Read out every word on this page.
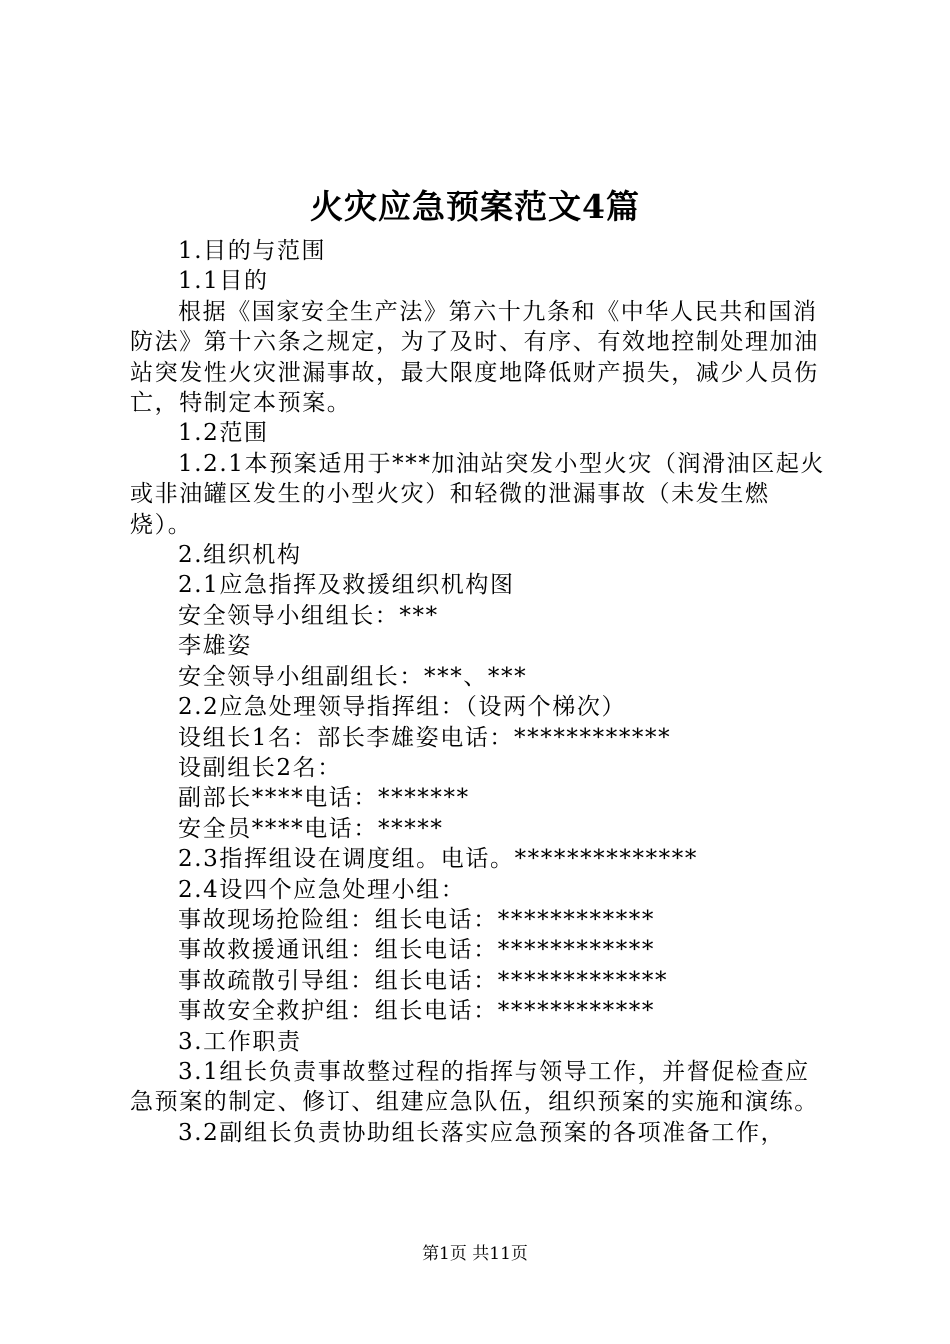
火灾应急预案范文4篇

1.目的与范围

1.1目的

根据《国家安全生产法》第六十九条和《中华人民共和国消防法》第十六条之规定，为了及时、有序、有效地控制处理加油站突发性火灾泄漏事故，最大限度地降低财产损失，减少人员伤亡，特制定本预案。

1.2范围

1.2.1本预案适用于***加油站突发小型火灾（润滑油区起火或非油罐区发生的小型火灾）和轻微的泄漏事故（未发生燃烧）。

2.组织机构

2.1应急指挥及救援组织机构图

安全领导小组组长：***

李雄姿

安全领导小组副组长：***、***

2.2应急处理领导指挥组：（设两个梯次）

设组长1名：部长李雄姿电话：************

设副组长2名：

副部长****电话：*******

安全员****电话：*****

2.3指挥组设在调度组。电话。**************

2.4设四个应急处理小组：

事故现场抢险组：组长电话：************

事故救援通讯组：组长电话：************

事故疏散引导组：组长电话：*************

事故安全救护组：组长电话：************

3.工作职责

3.1组长负责事故整过程的指挥与领导工作，并督促检查应急预案的制定、修订、组建应急队伍，组织预案的实施和演练。

3.2副组长负责协助组长落实应急预案的各项准备工作，

第1页 共11页
